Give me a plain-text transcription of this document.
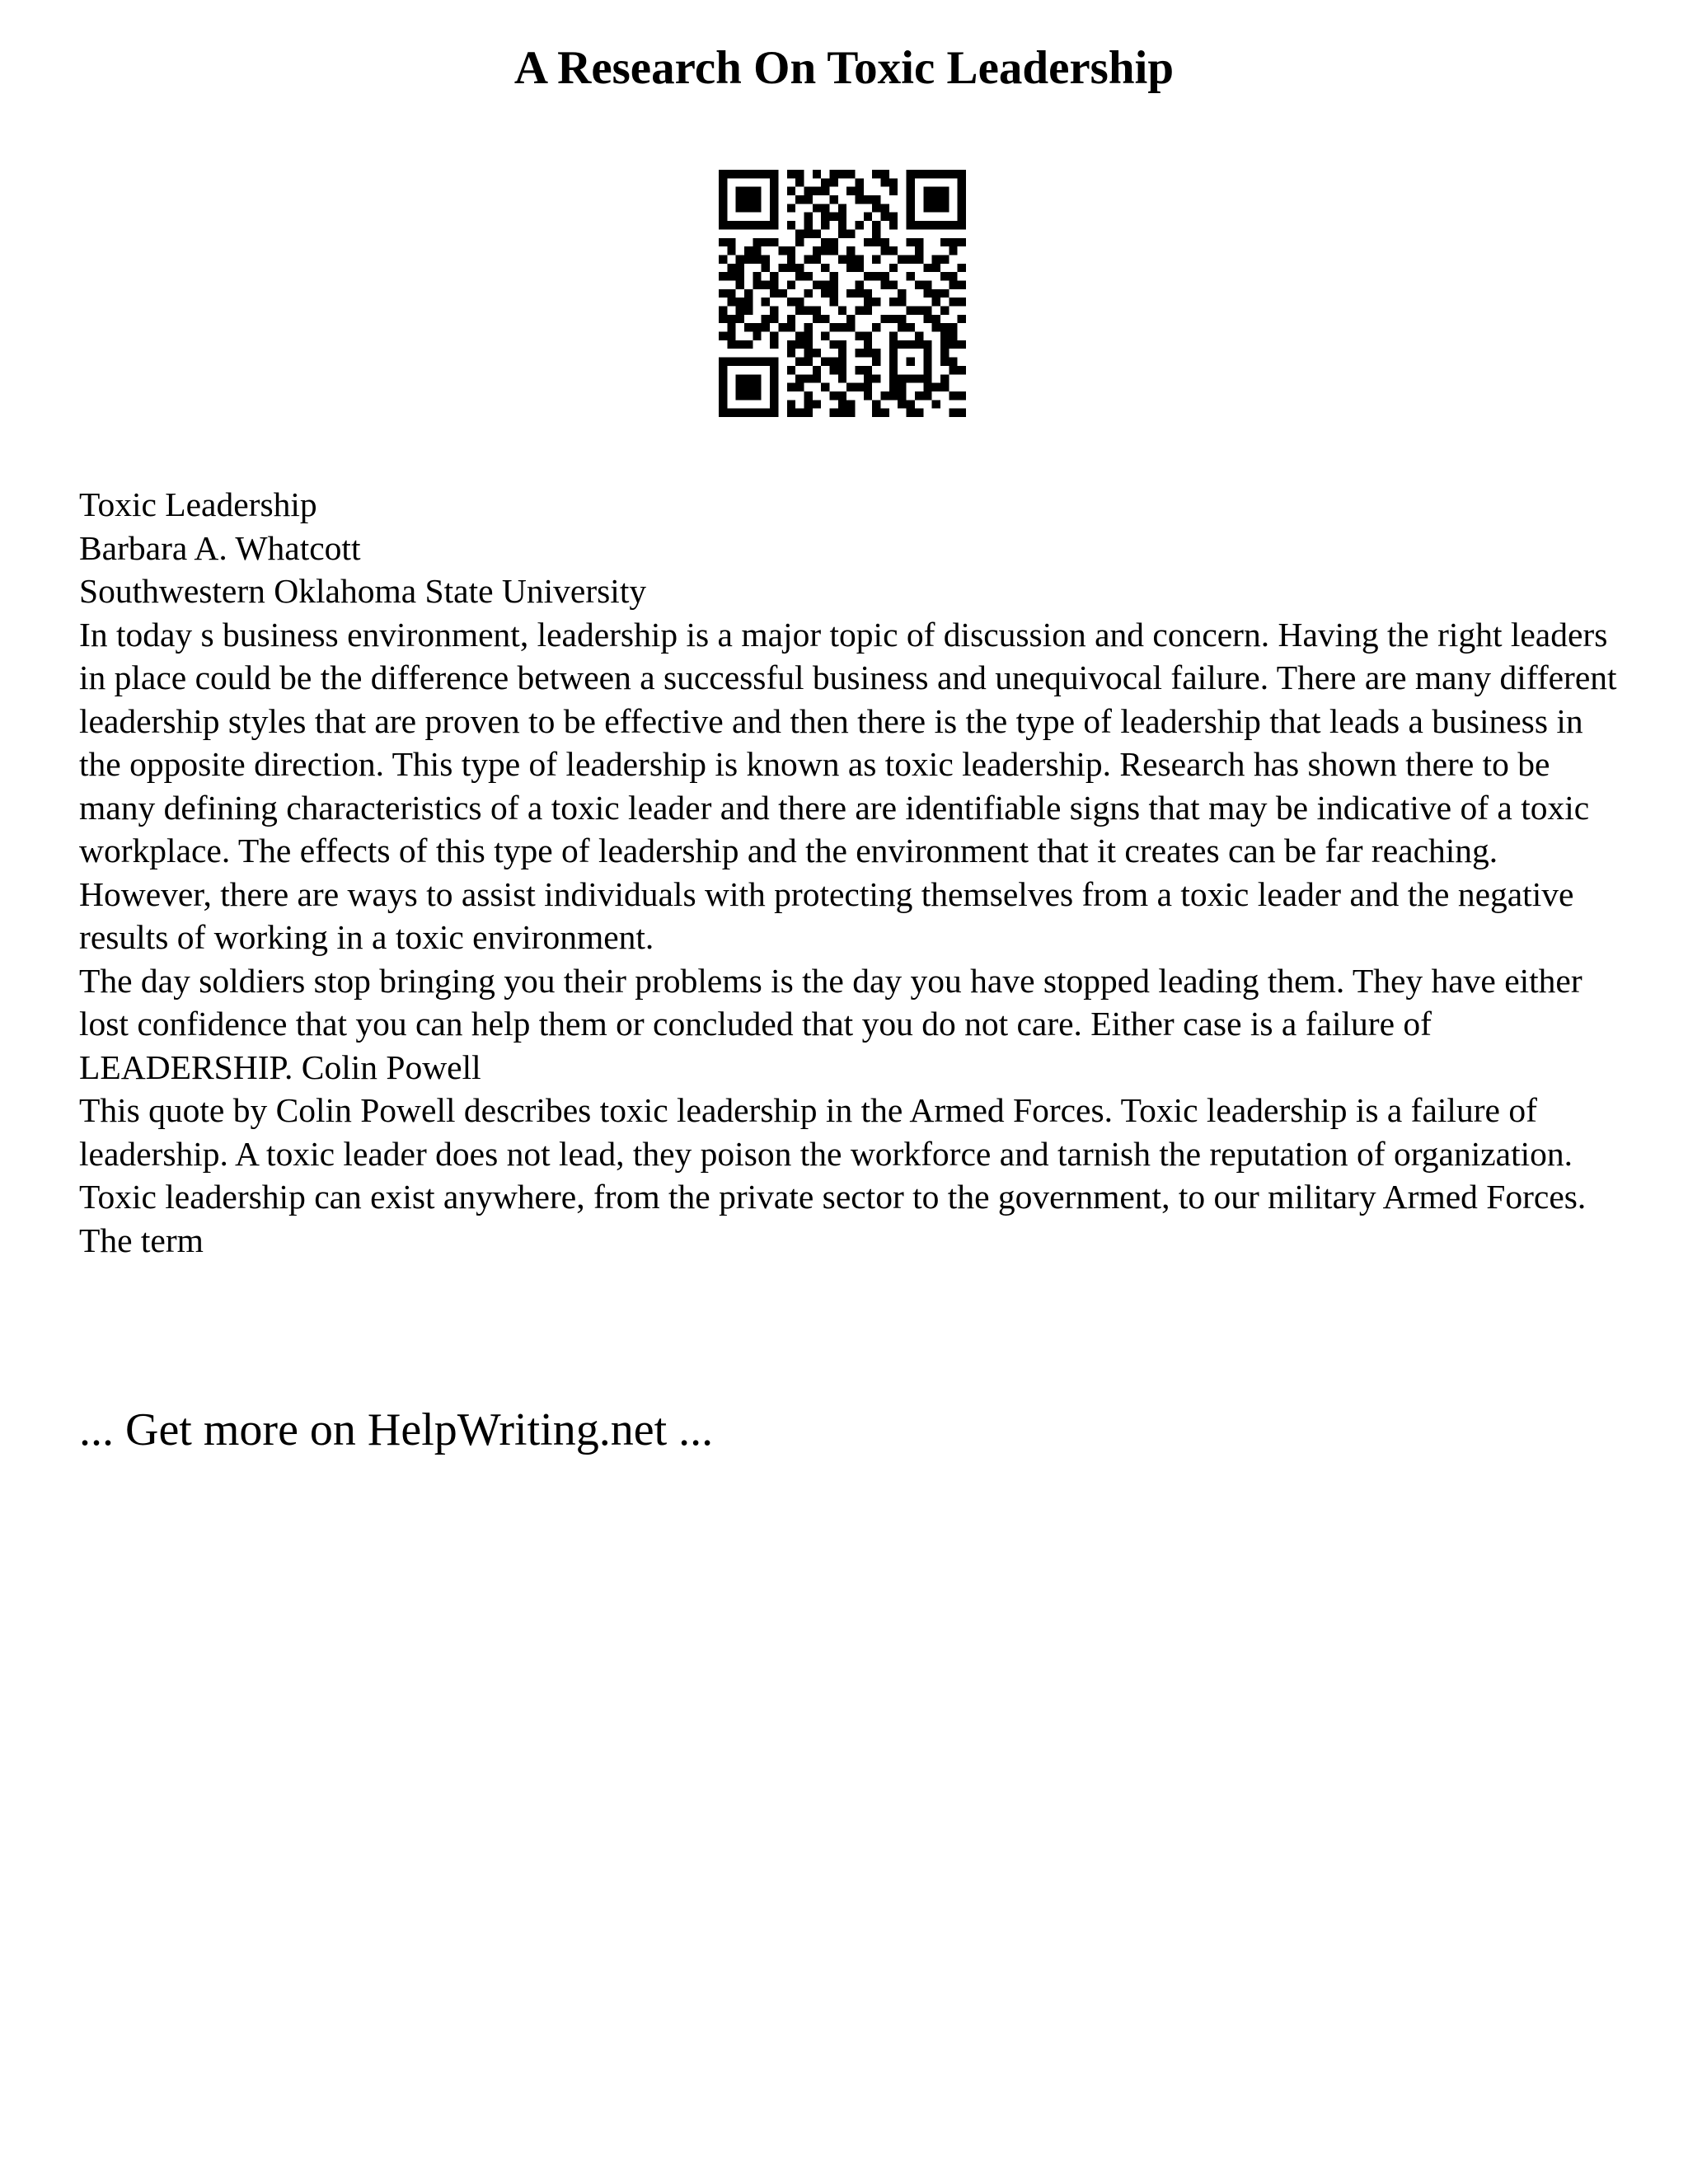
A Research On Toxic Leadership
Toxic Leadership
Barbara A. Whatcott
Southwestern Oklahoma State University
In today s business environment, leadership is a major topic of discussion and concern. Having the right leaders in place could be the difference between a successful business and unequivocal failure. There are many different leadership styles that are proven to be effective and then there is the type of leadership that leads a business in the opposite direction. This type of leadership is known as toxic leadership. Research has shown there to be many defining characteristics of a toxic leader and there are identifiable signs that may be indicative of a toxic workplace. The effects of this type of leadership and the environment that it creates can be far reaching. However, there are ways to assist individuals with protecting themselves from a toxic leader and the negative results of working in a toxic environment.
The day soldiers stop bringing you their problems is the day you have stopped leading them. They have either lost confidence that you can help them or concluded that you do not care. Either case is a failure of LEADERSHIP. Colin Powell
This quote by Colin Powell describes toxic leadership in the Armed Forces. Toxic leadership is a failure of leadership. A toxic leader does not lead, they poison the workforce and tarnish the reputation of organization. Toxic leadership can exist anywhere, from the private sector to the government, to our military Armed Forces.
The term
... Get more on HelpWriting.net ...
